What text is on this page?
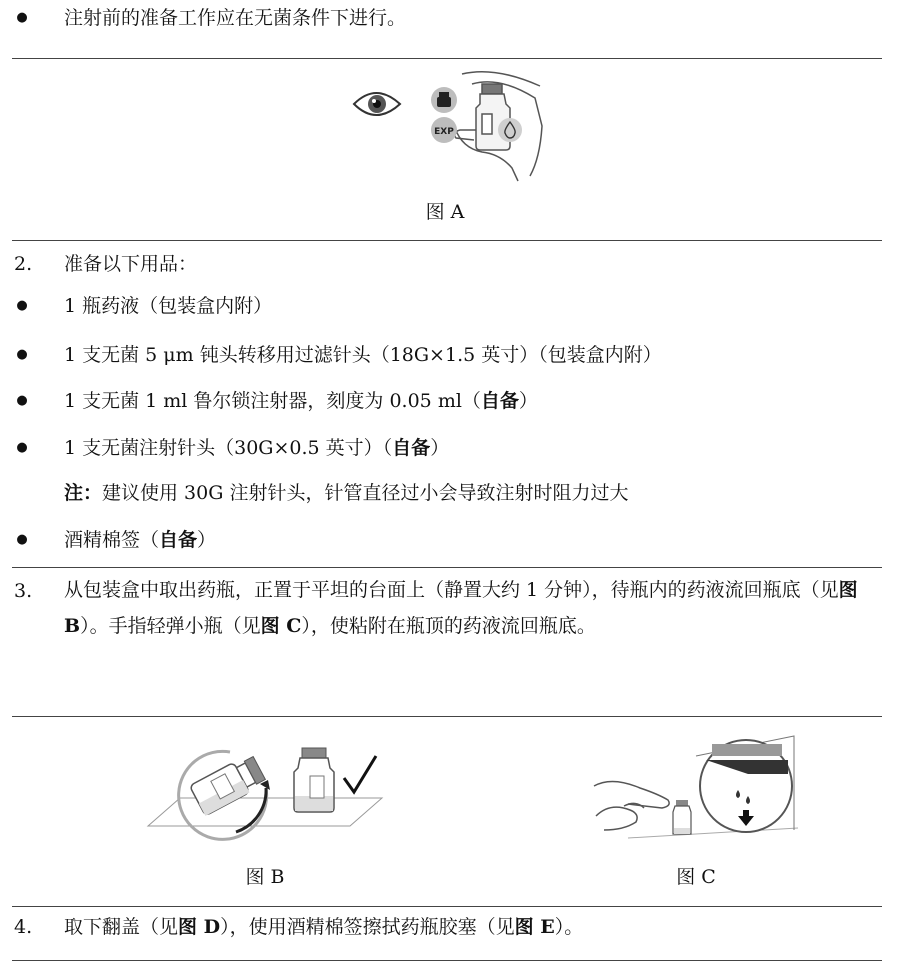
● 注射前的准备工作应在无菌条件下进行。
EXP
图 A
2. 准备以下用品：
● 1 瓶药液（包装盒内附）
● 1 支无菌 5 μm 钝头转移用过滤针头（18G×1.5 英寸）（包装盒内附）
● 1 支无菌 1 ml 鲁尔锁注射器，刻度为 0.05 ml（自备）
● 1 支无菌注射针头（30G×0.5 英寸）（自备）
注：建议使用 30G 注射针头，针管直径过小会导致注射时阻力过大
● 酒精棉签（自备）
3. 从包装盒中取出药瓶，正置于平坦的台面上（静置大约 1 分钟），待瓶内的药液流回瓶底（见图 B）。手指轻弹小瓶（见图 C），使粘附在瓶顶的药液流回瓶底。
图 B	图 C
4. 取下翻盖（见图 D），使用酒精棉签擦拭药瓶胶塞（见图 E）。
